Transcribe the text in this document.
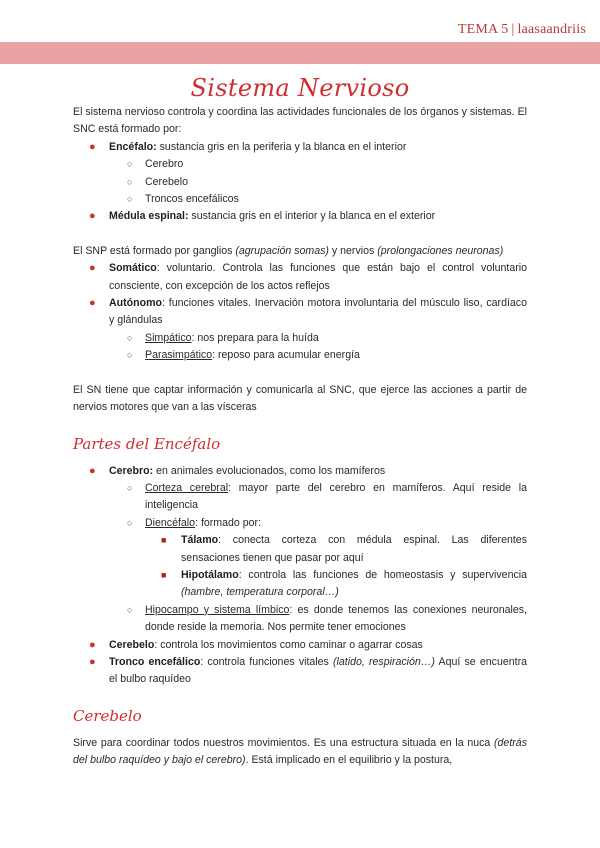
TEMA 5 | laasaandriis
Sistema Nervioso

El sistema nervioso controla y coordina las actividades funcionales de los órganos y sistemas. El SNC está formado por:

● Encéfalo: sustancia gris en la periferia y la blanca en el interior
○ Cerebro
○ Cerebelo
○ Troncos encefálicos
● Médula espinal: sustancia gris en el interior y la blanca en el exterior

El SNP está formado por ganglios (agrupación somas) y nervios (prolongaciones neuronas)

● Somático: voluntario. Controla las funciones que están bajo el control voluntario consciente, con excepción de los actos reflejos
● Autónomo: funciones vitales. Inervación motora involuntaria del músculo liso, cardíaco y glándulas
○ Simpático: nos prepara para la huída
○ Parasimpático: reposo para acumular energía

El SN tiene que captar información y comunicarla al SNC, que ejerce las acciones a partir de nervios motores que van a las vísceras

Partes del Encéfalo
● Cerebro: en animales evolucionados, como los mamíferos
○ Corteza cerebral: mayor parte del cerebro en mamíferos. Aquí reside la inteligencia
○ Diencéfalo: formado por:
■ Tálamo: conecta corteza con médula espinal. Las diferentes sensaciones tienen que pasar por aquí
■ Hipotálamo: controla las funciones de homeostasis y supervivencia (hambre, temperatura corporal…)
○ Hipocampo y sistema límbico: es donde tenemos las conexiones neuronales, donde reside la memoria. Nos permite tener emociones
● Cerebelo: controla los movimientos como caminar o agarrar cosas
● Tronco encefálico: controla funciones vitales (latido, respiración…) Aquí se encuentra el bulbo raquídeo
Cerebelo

Sirve para coordinar todos nuestros movimientos. Es una estructura situada en la nuca (detrás del bulbo raquídeo y bajo el cerebro). Está implicado en el equilibrio y la postura,
